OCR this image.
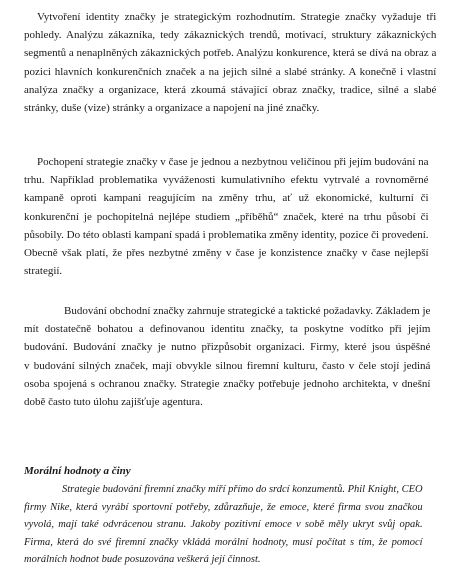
Vytvoření identity značky je strategickým rozhodnutím. Strategie značky vyžaduje tři
pohledy. Analýzu zákazníka, tedy zákaznických trendů, motivací, struktury zákaznických
segmentů a nenaplněných zákaznických potřeb. Analýzu konkurence, která se dívá na obraz a
pozici hlavních konkurenčních značek a na jejich silné a slabé stránky. A konečně i vlastní
analýza značky a organizace, která zkoumá stávající obraz značky, tradice, silné a slabé
stránky, duše (vize) stránky a organizace a napojení na jiné značky.

Pochopení strategie značky v čase je jednou a nezbytnou veličinou při jejím budování na
trhu. Například problematika vyváženosti kumulativního efektu vytrvalé a rovnoměrné
kampaně oproti kampani reagujícím na změny trhu, ať už ekonomické, kulturní či
konkurenční je pochopitelná nejlépe studiem „příběhů“ značek, které na trhu působí či
působily. Do této oblasti kampaní spadá i problematika změny identity, pozice či provedení.
Obecně však platí, že přes nezbytné změny v čase je konzistence značky v čase nejlepší
strategií.

Budování obchodní značky zahrnuje strategické a taktické požadavky. Základem je
mít dostatečně bohatou a definovanou identitu značky, ta poskytne vodítko při jejím
budování. Budování značky je nutno přizpůsobit organizaci. Firmy, které jsou úspěšné
v budování silných značek, mají obvykle silnou firemní kulturu, často v čele stojí jediná
osoba spojená s ochranou značky. Strategie značky potřebuje jednoho architekta, v dnešní
době často tuto úlohu zajišťuje agentura.

Morální hodnoty a činy

Strategie budování firemní značky míří přímo do srdcí konzumentů. Phil Knight, CEO
firmy Nike, která vyrábí sportovní potřeby, zdůrazňuje, že emoce, které firma svou značkou
vyvolá, mají také odvrácenou stranu. Jakoby pozitivní emoce v sobě měly ukryt svůj opak.
Firma, která do své firemní značky vkládá morální hodnoty, musí počítat s tím, že pomocí
morálních hodnot bude posuzována veškerá její činnost.
